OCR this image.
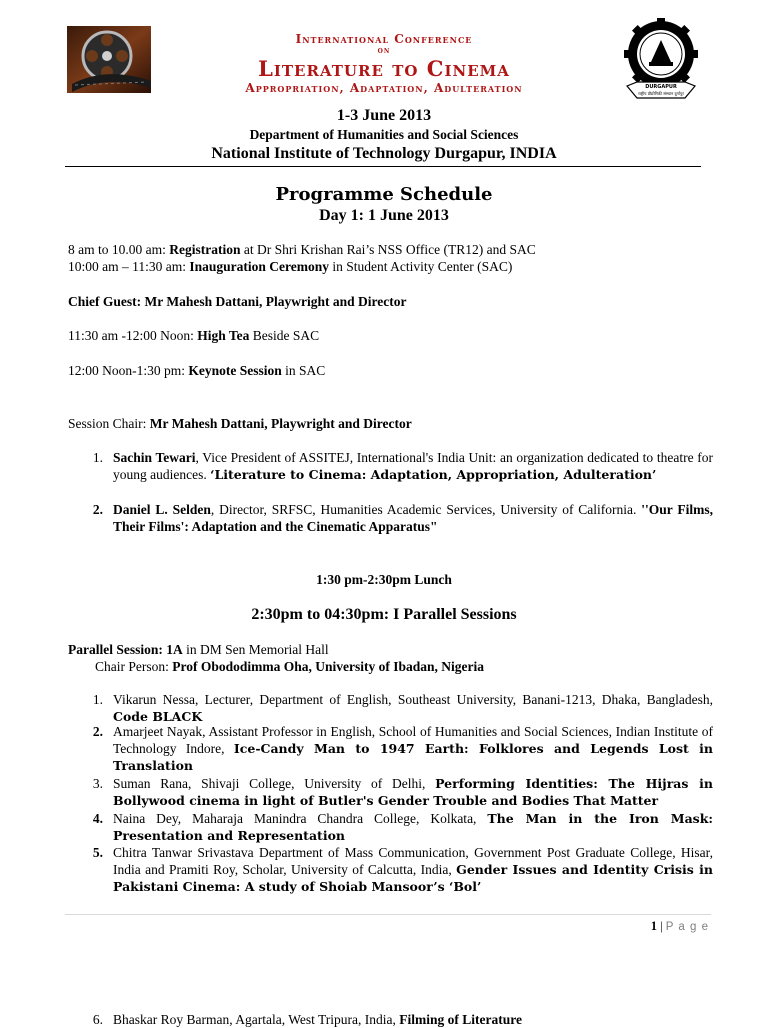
DURGAPUR
राष्ट्रीय प्रौद्योगिकी संस्थान दुर्गापुर
International Conference
on
Literature to Cinema
Appropriation, Adaptation, Adulteration
1-3 June 2013
Department of Humanities and Social Sciences
National Institute of Technology Durgapur, INDIA
Programme Schedule
Day 1: 1 June 2013
8 am to 10.00 am: Registration at Dr Shri Krishan Rai’s NSS Office (TR12) and SAC
10:00 am – 11:30 am: Inauguration Ceremony in Student Activity Center (SAC)
Chief Guest: Mr Mahesh Dattani, Playwright and Director
11:30 am -12:00 Noon: High Tea Beside SAC
12:00 Noon-1:30 pm: Keynote Session in SAC
Session Chair: Mr Mahesh Dattani, Playwright and Director
1. Sachin Tewari, Vice President of ASSITEJ, International's India Unit: an organization dedicated to theatre for young audiences. ‘Literature to Cinema: Adaptation, Appropriation, Adulteration’
2. Daniel L. Selden, Director, SRFSC, Humanities Academic Services, University of California. ''Our Films, Their Films': Adaptation and the Cinematic Apparatus"
1:30 pm-2:30pm Lunch
2:30pm to 04:30pm: I Parallel Sessions
Parallel Session: 1A in DM Sen Memorial Hall
Chair Person: Prof Obododimma Oha, University of Ibadan, Nigeria
1. Vikarun Nessa, Lecturer, Department of English, Southeast University, Banani-1213, Dhaka, Bangladesh, Code BLACK
2. Amarjeet Nayak, Assistant Professor in English, School of Humanities and Social Sciences, Indian Institute of Technology Indore, Ice-Candy Man to 1947 Earth: Folklores and Legends Lost in Translation
3. Suman Rana, Shivaji College, University of Delhi, Performing Identities: The Hijras in Bollywood cinema in light of Butler's Gender Trouble and Bodies That Matter
4. Naina Dey, Maharaja Manindra Chandra College, Kolkata, The Man in the Iron Mask: Presentation and Representation
5. Chitra Tanwar Srivastava Department of Mass Communication, Government Post Graduate College, Hisar, India and Pramiti Roy, Scholar, University of Calcutta, India, Gender Issues and Identity Crisis in Pakistani Cinema: A study of Shoiab Mansoor’s ‘Bol’
1 | P a g e
6. Bhaskar Roy Barman, Agartala, West Tripura, India, Filming of Literature
